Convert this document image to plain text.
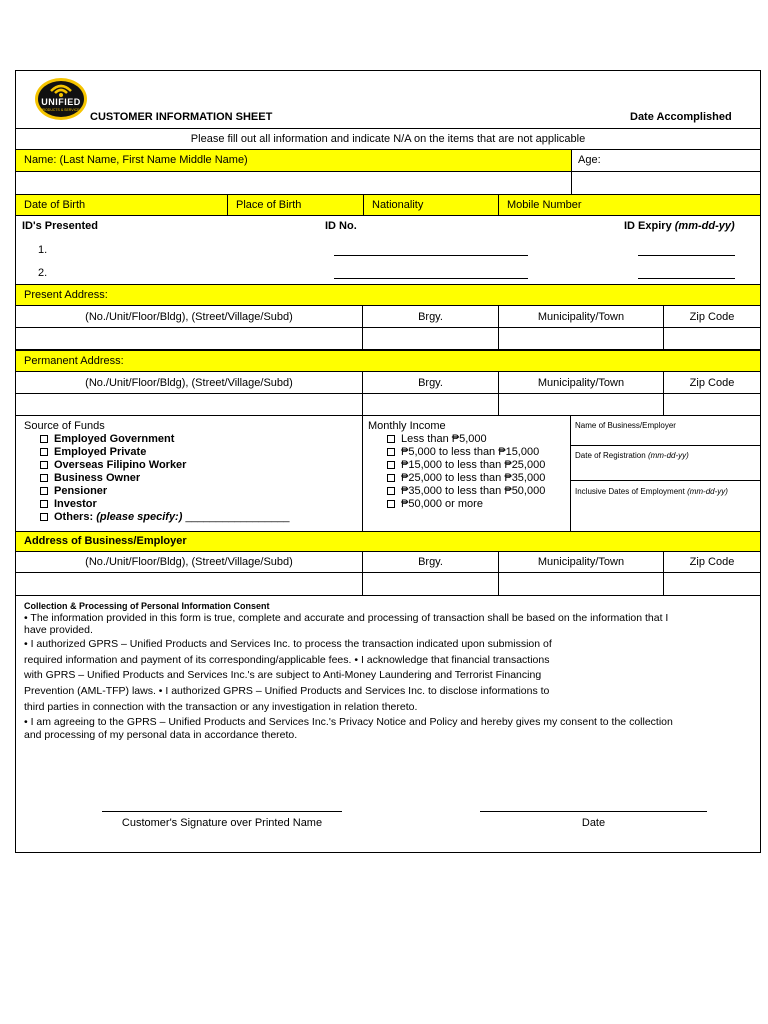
UNIFIED
PRODUCTS & SERVICES
CUSTOMER INFORMATION SHEET	Date Accomplished
Please fill out all information and indicate N/A on the items that are not applicable
Name: (Last Name, First Name Middle Name)	Age:
Date of Birth	Place of Birth	Nationality	Mobile Number
ID's Presented	ID No.	ID Expiry (mm-dd-yy)
1.
2.
Present Address:
(No./Unit/Floor/Bldg), (Street/Village/Subd)	Brgy.	Municipality/Town	Zip Code
Permanent Address:
(No./Unit/Floor/Bldg), (Street/Village/Subd)	Brgy.	Municipality/Town	Zip Code
Source of Funds
Employed Government
Employed Private
Overseas Filipino Worker
Business Owner
Pensioner
Investor
Others: (please specify:) _________________
Monthly Income
Less than ₱5,000
₱5,000 to less than ₱15,000
₱15,000 to less than ₱25,000
₱25,000 to less than ₱35,000
₱35,000 to less than ₱50,000
₱50,000 or more
Name of Business/Employer
Date of Registration (mm-dd-yy)
Inclusive Dates of Employment (mm-dd-yy)
Address of Business/Employer
(No./Unit/Floor/Bldg), (Street/Village/Subd)	Brgy.	Municipality/Town	Zip Code
Collection & Processing of Personal Information Consent
• The information provided in this form is true, complete and accurate and processing of transaction shall be based on the information that I
have provided.
• I authorized GPRS – Unified Products and Services Inc. to process the transaction indicated upon submission of
required information and payment of its corresponding/applicable fees. • I acknowledge that financial transactions
with GPRS – Unified Products and Services Inc.'s are subject to Anti-Money Laundering and Terrorist Financing
Prevention (AML-TFP) laws. • I authorized GPRS – Unified Products and Services Inc. to disclose informations to
third parties in connection with the transaction or any investigation in relation thereto.
• I am agreeing to the GPRS – Unified Products and Services Inc.'s Privacy Notice and Policy and hereby gives my consent to the collection
and processing of my personal data in accordance thereto.
Customer's Signature over Printed Name	Date
